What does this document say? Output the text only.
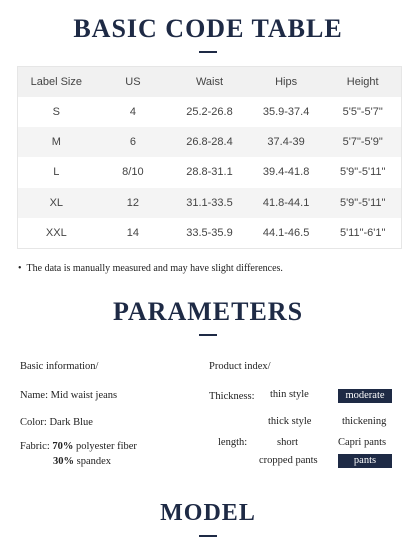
BASIC CODE TABLE
Label Size	US	Waist	Hips	Height
S	4	25.2-26.8	35.9-37.4	5'5"-5'7"
M	6	26.8-28.4	37.4-39	5'7"-5'9"
L	8/10	28.8-31.1	39.4-41.8	5'9"-5'11"
XL	12	31.1-33.5	41.8-44.1	5'9"-5'11"
XXL	14	33.5-35.9	44.1-46.5	5'11"-6'1"
• The data is manually measured and may have slight differences.
PARAMETERS
Basic information/	Product index/
Name: Mid waist jeans	Thickness: thin style	moderate
Color: Dark Blue	thick style	thickening
Fabric: 70% polyester fiber
30% spandex
length:	short	Capri pants
cropped pants	pants
MODEL
